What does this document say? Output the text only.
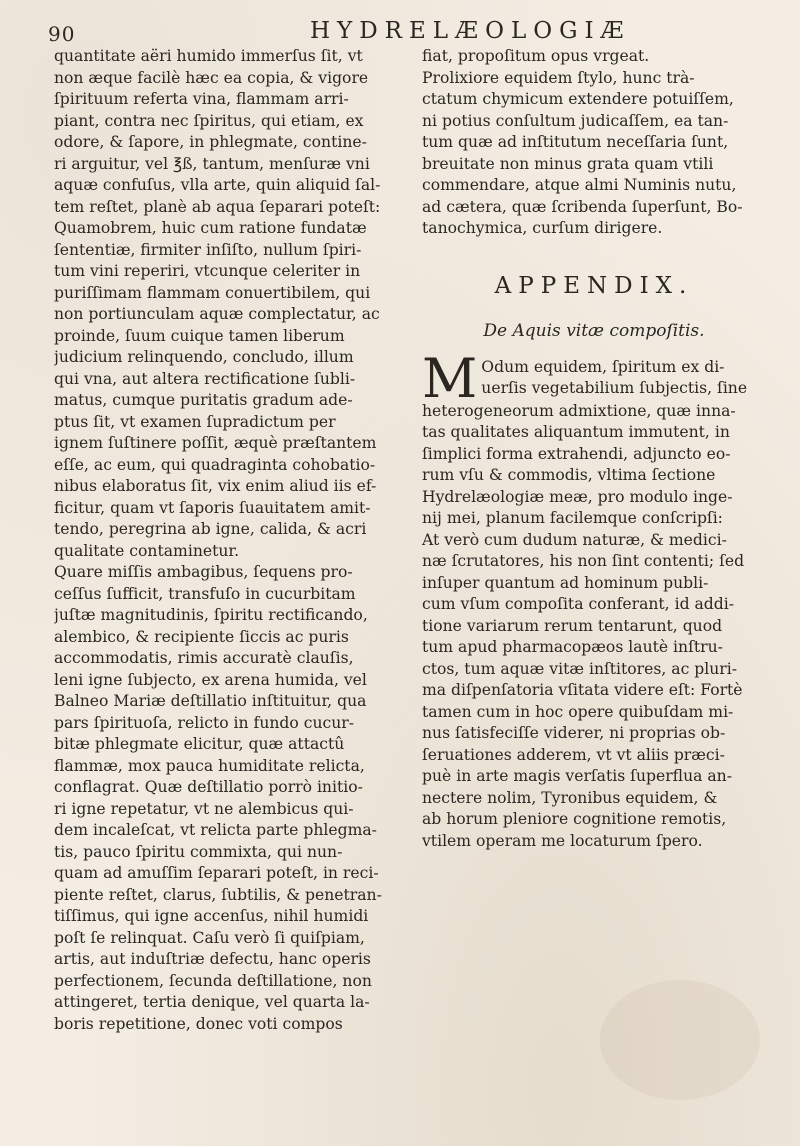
90	HYDRELÆOLOGIÆ
quantitate aëri humido immerſus ſit, vt
non æque facilè hæc ea copia, & vigore
ſpirituum referta vina, flammam arri-
piant, contra nec ſpiritus, qui etiam, ex
odore, & ſapore, in phlegmate, contine-
ri arguitur, vel ℥ß, tantum, menſuræ vni
aquæ confuſus, vlla arte, quin aliquid ſal-
tem reſtet, planè ab aqua ſeparari poteſt:
Quamobrem, huic cum ratione fundatæ
ſententiæ, firmiter inſiſto, nullum ſpiri-
tum vini reperiri, vtcunque celeriter in
puriſſimam flammam conuertibilem, qui
non portiunculam aquæ complectatur, ac
proinde, ſuum cuique tamen liberum
judicium relinquendo, concludo, illum
qui vna, aut altera rectificatione ſubli-
matus, cumque puritatis gradum ade-
ptus ſit, vt examen ſupradictum per
ignem ſuſtinere poſſit, æquè præſtantem
eſſe, ac eum, qui quadraginta cohobatio-
nibus elaboratus ſit, vix enim aliud iis ef-
ficitur, quam vt ſaporis ſuauitatem amit-
tendo, peregrina ab igne, calida, & acri
qualitate contaminetur.
Quare miſſis ambagibus, ſequens pro-
ceſſus ſufficit, transfuſo in cucurbitam
juſtæ magnitudinis, ſpiritu rectificando,
alembico, & recipiente ſiccis ac puris
accommodatis, rimis accuratè clauſis,
leni igne ſubjecto, ex arena humida, vel
Balneo Mariæ deſtillatio inſtituitur, qua
pars ſpirituoſa, relicto in fundo cucur-
bitæ phlegmate elicitur, quæ attactû
flammæ, mox pauca humiditate relicta,
conflagrat. Quæ deſtillatio porrò initio-
ri igne repetatur, vt ne alembicus qui-
dem incaleſcat, vt relicta parte phlegma-
tis, pauco ſpiritu commixta, qui nun-
quam ad amuſſim ſeparari poteſt, in reci-
piente reſtet, clarus, ſubtilis, & penetran-
tiſſimus, qui igne accenſus, nihil humidi
poſt ſe relinquat. Caſu verò ſi quiſpiam,
artis, aut induſtriæ defectu, hanc operis
perfectionem, ſecunda deſtillatione, non
attingeret, tertia denique, vel quarta la-
boris repetitione, donec voti compos
fiat, propoſitum opus vrgeat.
Prolixiore equidem ſtylo, hunc trà-
ctatum chymicum extendere potuiſſem,
ni potius conſultum judicaſſem, ea tan-
tum quæ ad inſtitutum neceſſaria ſunt,
breuitate non minus grata quam vtili
commendare, atque almi Numinis nutu,
ad cætera, quæ ſcribenda ſuperſunt, Bo-
tanochymica, curſum dirigere.
APPENDIX.
De Aquis vitæ compoſitis.
M Odum equidem, ſpiritum ex di-
uerſis vegetabilium ſubjectis, ſine
heterogeneorum admixtione, quæ inna-
tas qualitates aliquantum immutent, in
ſimplici forma extrahendi, adjuncto eo-
rum vſu & commodis, vltima ſectione
Hydrelæologiæ meæ, pro modulo inge-
nij mei, planum facilemque conſcripſi:
At verò cum dudum naturæ, & medici-
næ ſcrutatores, his non ſint contenti; ſed
inſuper quantum ad hominum publi-
cum vſum compoſita conferant, id addi-
tione variarum rerum tentarunt, quod
tum apud pharmacopæos lautè inſtru-
ctos, tum aquæ vitæ inſtitores, ac pluri-
ma diſpenſatoria vſitata videre eſt: Fortè
tamen cum in hoc opere quibuſdam mi-
nus ſatisfeciſſe viderer, ni proprias ob-
ſeruationes adderem, vt vt aliis præci-
puè in arte magis verſatis ſuperflua an-
nectere nolim, Tyronibus equidem, &
ab horum pleniore cognitione remotis,
vtilem operam me locaturum ſpero.
